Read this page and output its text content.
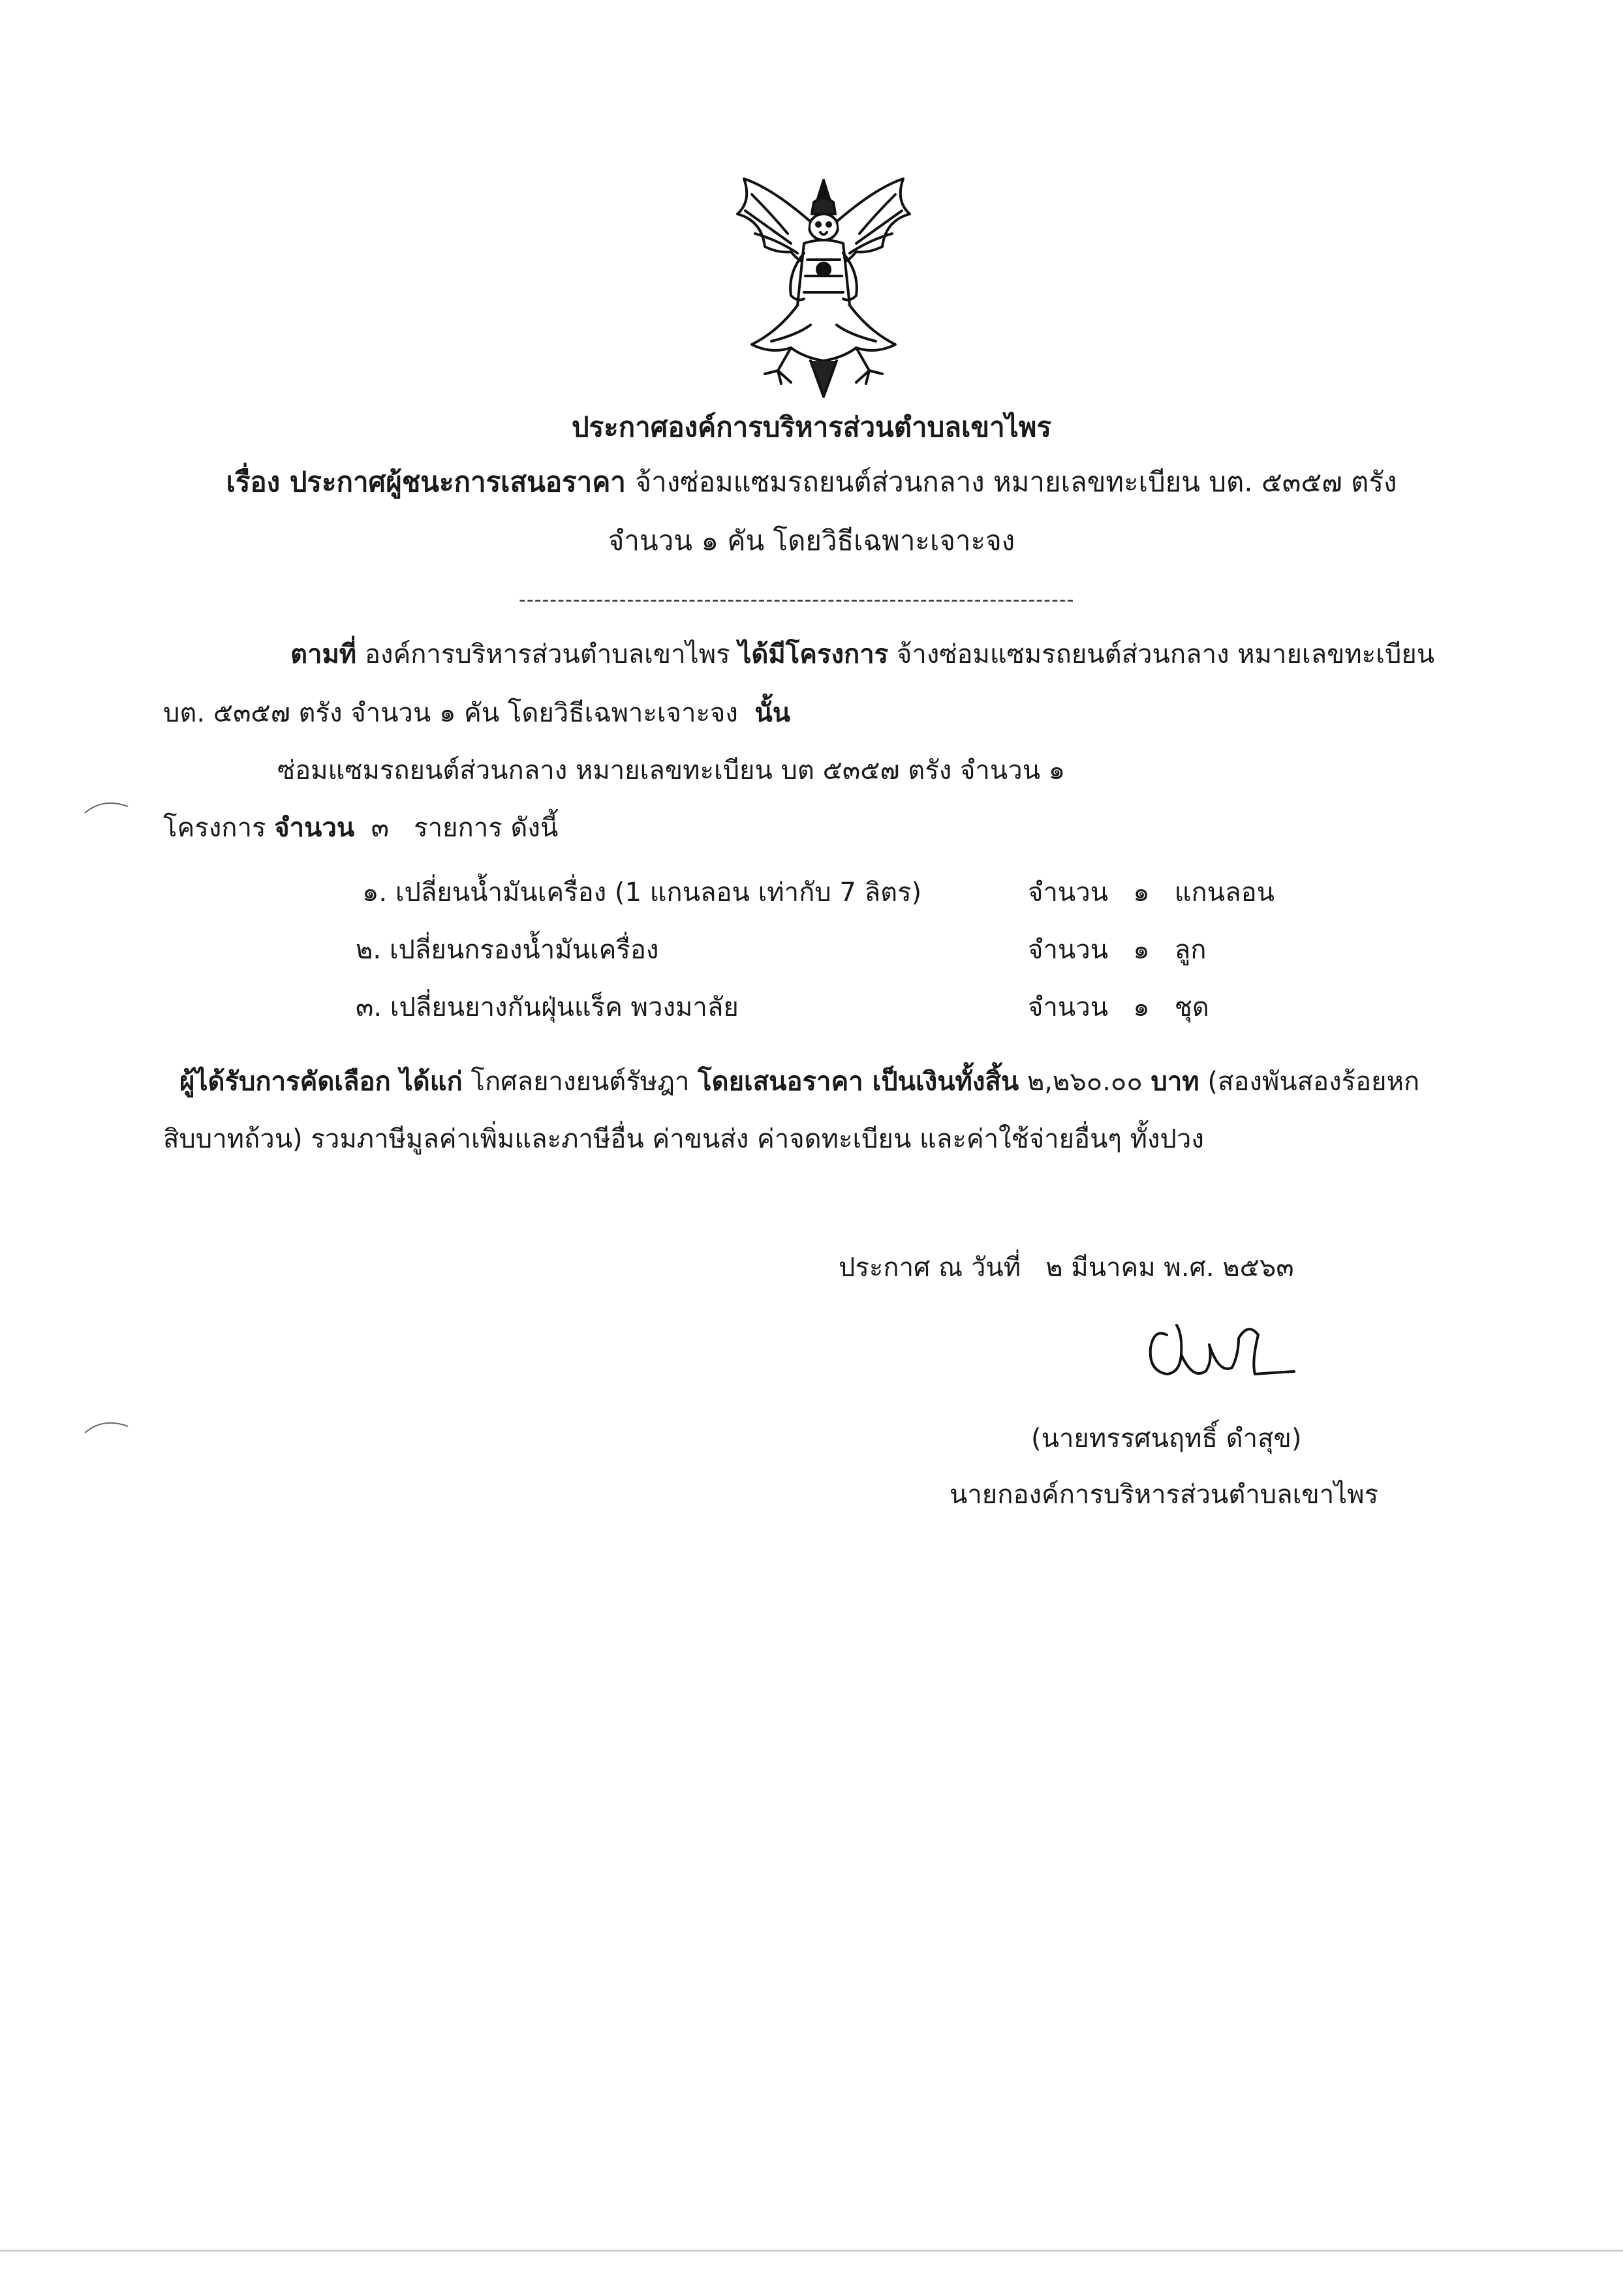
ประกาศองค์การบริหารส่วนตำบลเขาไพร
เรื่อง ประกาศผู้ชนะการเสนอราคา จ้างซ่อมแซมรถยนต์ส่วนกลาง หมายเลขทะเบียน บต. ๕๓๕๗ ตรัง
จำนวน ๑ คัน โดยวิธีเฉพาะเจาะจง
------------------------------------------------------------------------
ตามที่ องค์การบริหารส่วนตำบลเขาไพร ได้มีโครงการ จ้างซ่อมแซมรถยนต์ส่วนกลาง หมายเลขทะเบียน
บต. ๕๓๕๗ ตรัง จำนวน ๑ คัน โดยวิธีเฉพาะเจาะจง นั้น
ซ่อมแซมรถยนต์ส่วนกลาง หมายเลขทะเบียน บต ๕๓๕๗ ตรัง จำนวน ๑
โครงการ จำนวน ๓ รายการ ดังนี้
๑. เปลี่ยนน้ำมันเครื่อง (1 แกนลอน เท่ากับ 7 ลิตร)	จำนวน ๑ แกนลอน
๒. เปลี่ยนกรองน้ำมันเครื่อง	จำนวน ๑ ลูก
๓. เปลี่ยนยางกันฝุ่นแร็ค พวงมาลัย	จำนวน ๑ ชุด
ผู้ได้รับการคัดเลือก ได้แก่ โกศลยางยนต์รัษฎา โดยเสนอราคา เป็นเงินทั้งสิ้น ๒,๒๖๐.๐๐ บาท (สองพันสองร้อยหก
สิบบาทถ้วน) รวมภาษีมูลค่าเพิ่มและภาษีอื่น ค่าขนส่ง ค่าจดทะเบียน และค่าใช้จ่ายอื่นๆ ทั้งปวง
ประกาศ ณ วันที่ ๒ มีนาคม พ.ศ. ๒๕๖๓
(นายทรรศนฤทธิ์ ดำสุข)
นายกองค์การบริหารส่วนตำบลเขาไพร
